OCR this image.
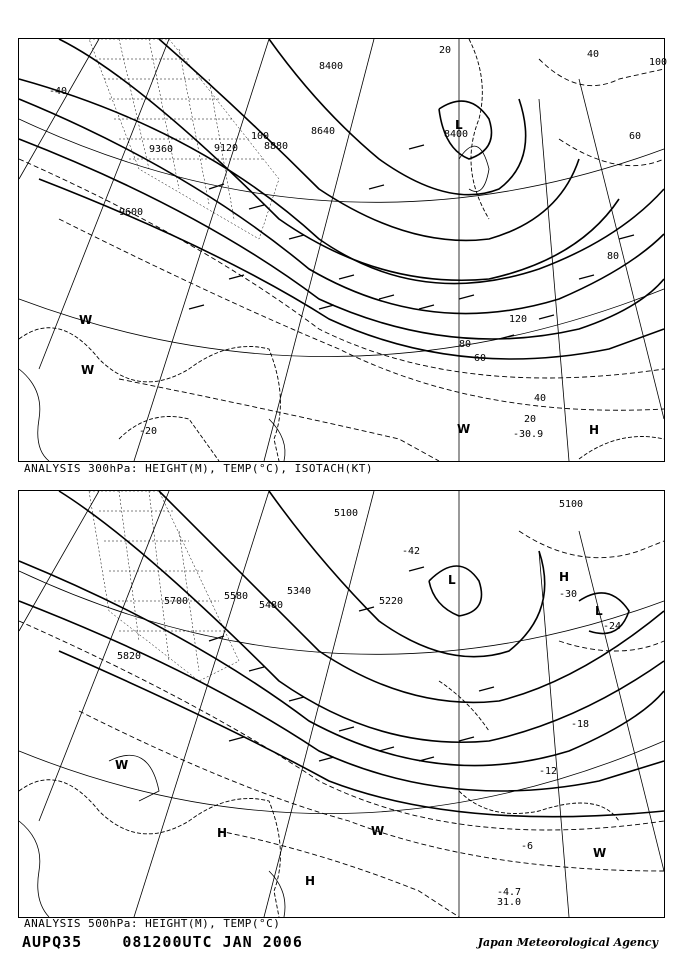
8400
8640
8880
9120
9360
9600
8400
20	40
60
80
100
120
20
40
60
80
100
-40
-20
L
H
W
W
W	-30.9
ANALYSIS 300hPa: HEIGHT(M), TEMP(°C), ISOTACH(KT)
5100
5100
5220
5340
5480
5700
5820
5580
-42
-30
-24
-18
-12
-6
L
L
H
H
W
W
H
W
-4.7
31.0
ANALYSIS 500hPa: HEIGHT(M), TEMP(°C)
AUPQ35	081200UTC JAN 2006	Japan Meteorological Agency
